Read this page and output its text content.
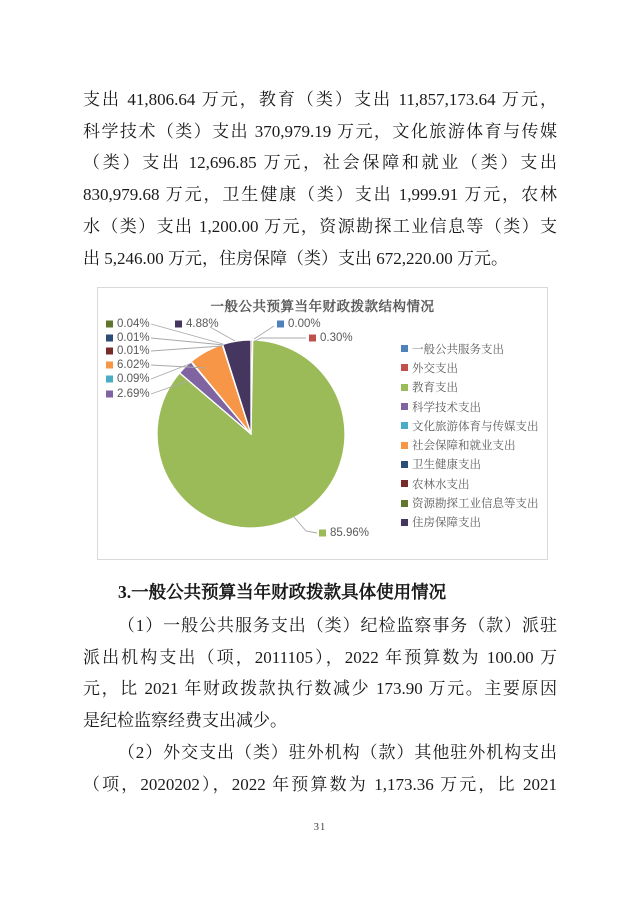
支出 41,806.64 万元，教育（类）支出 11,857,173.64 万元，
科学技术（类）支出 370,979.19 万元，文化旅游体育与传媒
（类）支出 12,696.85 万元，社会保障和就业（类）支出
830,979.68 万元，卫生健康（类）支出 1,999.91 万元，农林
水（类）支出 1,200.00 万元，资源勘探工业信息等（类）支
出 5,246.00 万元，住房保障（类）支出 672,220.00 万元。
一般公共预算当年财政拨款结构情况
0.04%
0.01%
0.01%
6.02%
0.09%
2.69%
4.88%	0.00%
0.30%
85.96%
一般公共服务支出
外交支出
教育支出
科学技术支出
文化旅游体育与传媒支出
社会保障和就业支出
卫生健康支出
农林水支出
资源勘探工业信息等支出
住房保障支出
3.一般公共预算当年财政拨款具体使用情况
（1）一般公共服务支出（类）纪检监察事务（款）派驻
派出机构支出（项，2011105），2022 年预算数为 100.00 万
元，比 2021 年财政拨款执行数减少 173.90 万元。主要原因
是纪检监察经费支出减少。
（2）外交支出（类）驻外机构（款）其他驻外机构支出
（项，2020202），2022 年预算数为 1,173.36 万元，比 2021
31
